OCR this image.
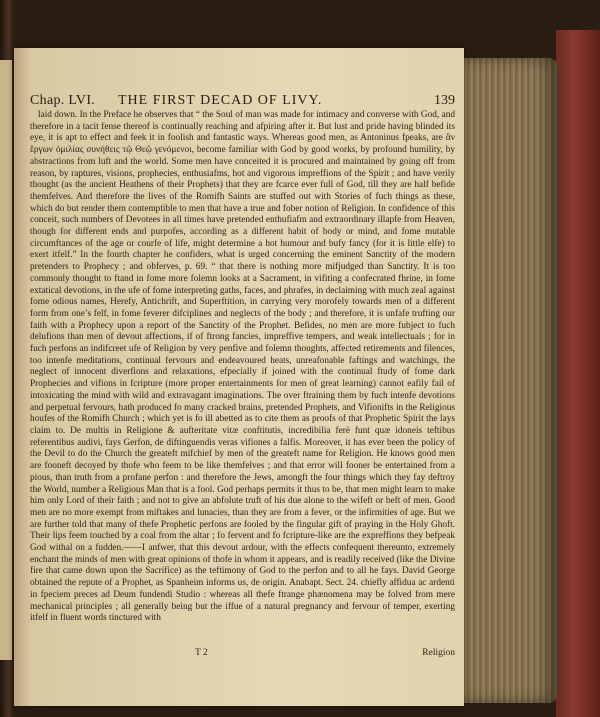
Chap. LVI. THE FIRST DECAD OF LIVY.	139

laid down. In the Preface he observes that “ the Soul of man was made for intimacy and converse with God, and therefore in a tacit fense thereof is continually reaching and afpiring after it. But lust and pride having blinded its eye, it is apt to effect and feek it in foolish and fantastic ways. Whereas good men, as Antoninus fpeaks, are ἂν ἔργων ὁμιλίας συνήθεις τῷ Θεῷ γενόμενοι, become familiar with God by good works, by profound humility, by abstractions from luft and the world. Some men have conceited it is procured and maintained by going off from reason, by raptures, visions, prophecies, enthusiafms, hot and vigorous impreffions of the Spirit ; and have verily thought (as the ancient Heathens of their Prophets) that they are fcarce ever full of God, till they are half befide themfelves. And therefore the lives of the Romifh Saints are stuffed out with Stories of fuch things as these, which do but render them contemptible to men that have a true and fober notion of Religion. In confidence of this conceit, such numbers of Devotees in all times have pretended enthufiafm and extraordinary illapfe from Heaven, though for different ends and purpofes, according as a different habit of body or mind, and fome mutable circumftances of the age or courfe of life, might determine a hot humour and bufy fancy (for it is little elfe) to exert itfelf.” In the fourth chapter he confiders, what is urged concerning the eminent Sanctity of the modern pretenders to Prophecy ; and obferves, p. 69. “ that there is nothing more mifjudged than Sanctity. It is too commonly thought to ftand in fome more folemn looks at a Sacrament, in vifiting a confecrated fhrine, in fome extatical devotions, in the ufe of fome interpreting gaths, faces, and phrafes, in declaiming with much zeal against fome odious names, Herefy, Antichrift, and Superftition, in carrying very morofely towards men of a different form from one’s felf, in fome feverer difciplines and neglects of the body ; and therefore, it is unfafe trufting our faith with a Prophecy upon a report of the Sanctity of the Prophet. Befides, no men are more fubject to fuch delufions than men of devout affections, if of ftrong fancies, impreffive tempers, and weak intellectuals ; for in fuch perfons an indifcreet ufe of Religion by very penfive and folemn thoughts, affected retirements and filences, too intenfe meditations, continual fervours and endeavoured heats, unreafonable faftings and watchings, the neglect of innocent diverfions and relaxations, efpecially if joined with the continual ftudy of fome dark Prophecies and vifions in fcripture (more proper entertainments for men of great learning) cannot eafily fail of intoxicating the mind with wild and extravagant imaginations. The over ftraining them by fuch intenfe devotions and perpetual fervours, hath produced fo many cracked brains, pretended Prophets, and Vifionifts in the Religious houfes of the Romifh Church ; which yet is fo ill abetted as to cite them as proofs of that Prophetic Spirit the lays claim to. De multis in Religione & aufteritate vitæ conftitutis, incredibilia ferè funt quæ idoneis teftibus referentibus audivi, fays Gerfon, de diftinguendis veras vifiones a falfis. Moreover, it has ever been the policy of the Devil to do the Church the greateft mifchief by men of the greateft name for Religion. He knows good men are fooneft decoyed by thofe who feem to be like themfelves ; and that error will fooner be entertained from a pious, than truth from a profane perfon : and therefore the Jews, amongft the four things which they fay deftroy the World, number a Religious Man that is a fool. God perhaps permits it thus to be, that men might learn to make him only Lord of their faith ; and not to give an abfolute truft of his due alone to the wifeft or beft of men. Good men are no more exempt from miftakes and lunacies, than they are from a fever, or the infirmities of age. But we are further told that many of thefe Prophetic perfons are fooled by the fingular gift of praying in the Holy Ghoft. Their lips feem touched by a coal from the altar ; fo fervent and fo fcripture-like are the expreffions they befpeak God withal on a fudden.——I anfwer, that this devout ardour, with the effects confequent thereunto, extremely enchant the minds of men with great opinions of thofe in whom it appears, and is readily received (like the Divine fire that came down upon the Sacrifice) as the teftimony of God to the perfon and to all he fays. David George obtained the repute of a Prophet, as Spanheim informs us, de origin. Anabapt. Sect. 24. chiefly affidua ac ardenti in fpeciem preces ad Deum fundendi Studio : whereas all thefe ftrange phænomena may be folved from mere mechanical principles ; all generally being but the iffue of a natural pregnancy and fervour of temper, exerting itfelf in fluent words tinctured with

T 2	Religion
